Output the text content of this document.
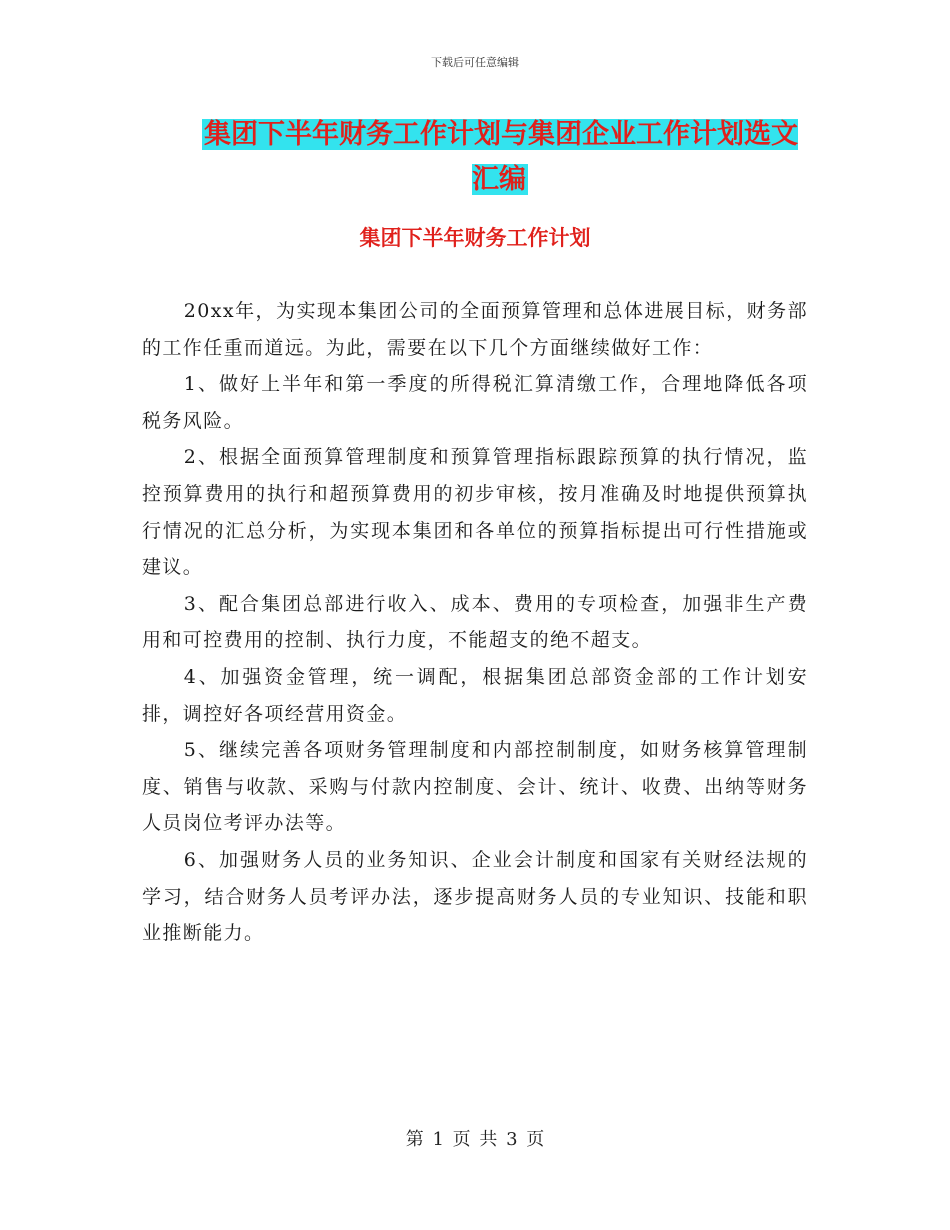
下载后可任意编辑
集团下半年财务工作计划与集团企业工作计划选文汇编
集团下半年财务工作计划

20xx年，为实现本集团公司的全面预算管理和总体进展目标，财务部的工作任重而道远。为此，需要在以下几个方面继续做好工作：

1、做好上半年和第一季度的所得税汇算清缴工作，合理地降低各项税务风险。

2、根据全面预算管理制度和预算管理指标跟踪预算的执行情况，监控预算费用的执行和超预算费用的初步审核，按月准确及时地提供预算执行情况的汇总分析，为实现本集团和各单位的预算指标提出可行性措施或建议。

3、配合集团总部进行收入、成本、费用的专项检查，加强非生产费用和可控费用的控制、执行力度，不能超支的绝不超支。

4、加强资金管理，统一调配，根据集团总部资金部的工作计划安排，调控好各项经营用资金。

5、继续完善各项财务管理制度和内部控制制度，如财务核算管理制度、销售与收款、采购与付款内控制度、会计、统计、收费、出纳等财务人员岗位考评办法等。

6、加强财务人员的业务知识、企业会计制度和国家有关财经法规的学习，结合财务人员考评办法，逐步提高财务人员的专业知识、技能和职业推断能力。

第 1 页 共 3 页
